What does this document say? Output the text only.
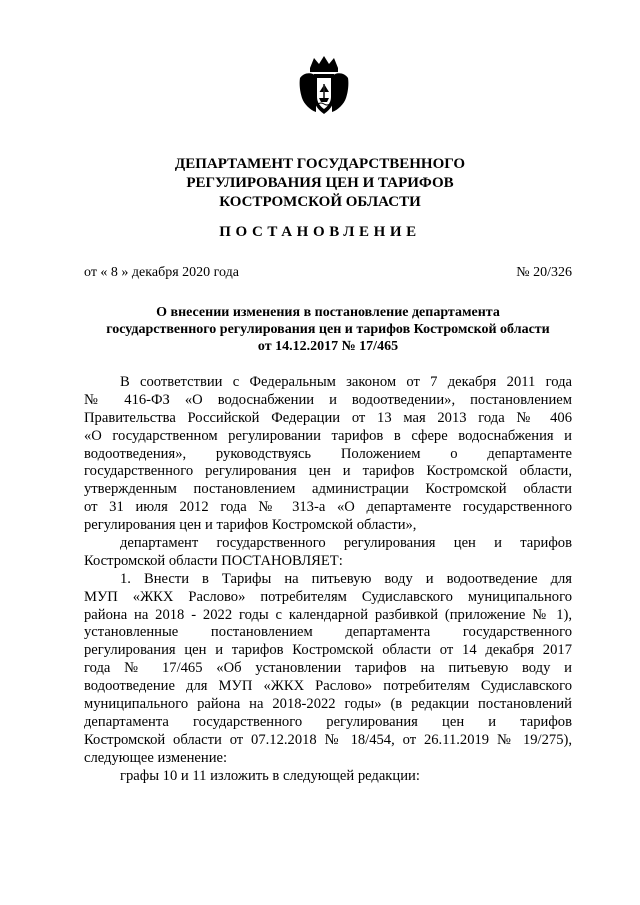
ДЕПАРТАМЕНТ ГОСУДАРСТВЕННОГО
РЕГУЛИРОВАНИЯ ЦЕН И ТАРИФОВ
КОСТРОМСКОЙ ОБЛАСТИ
ПОСТАНОВЛЕНИЕ
от « 8 » декабря 2020 года	№ 20/326
О внесении изменения в постановление департамента
государственного регулирования цен и тарифов Костромской области
от 14.12.2017 № 17/465
В соответствии с Федеральным законом от 7 декабря 2011 года
№ 416-ФЗ «О водоснабжении и водоотведении», постановлением
Правительства Российской Федерации от 13 мая 2013 года № 406
«О государственном регулировании тарифов в сфере водоснабжения и
водоотведения», руководствуясь Положением о департаменте
государственного регулирования цен и тарифов Костромской области,
утвержденным постановлением администрации Костромской области
от 31 июля 2012 года № 313-а «О департаменте государственного
регулирования цен и тарифов Костромской области»,
департамент государственного регулирования цен и тарифов
Костромской области ПОСТАНОВЛЯЕТ:
1. Внести в Тарифы на питьевую воду и водоотведение для
МУП «ЖКХ Раслово» потребителям Судиславского муниципального
района на 2018 - 2022 годы с календарной разбивкой (приложение № 1),
установленные постановлением департамента государственного
регулирования цен и тарифов Костромской области от 14 декабря 2017
года № 17/465 «Об установлении тарифов на питьевую воду и
водоотведение для МУП «ЖКХ Раслово» потребителям Судиславского
муниципального района на 2018-2022 годы» (в редакции постановлений
департамента государственного регулирования цен и тарифов
Костромской области от 07.12.2018 № 18/454, от 26.11.2019 № 19/275),
следующее изменение:
графы 10 и 11 изложить в следующей редакции:
